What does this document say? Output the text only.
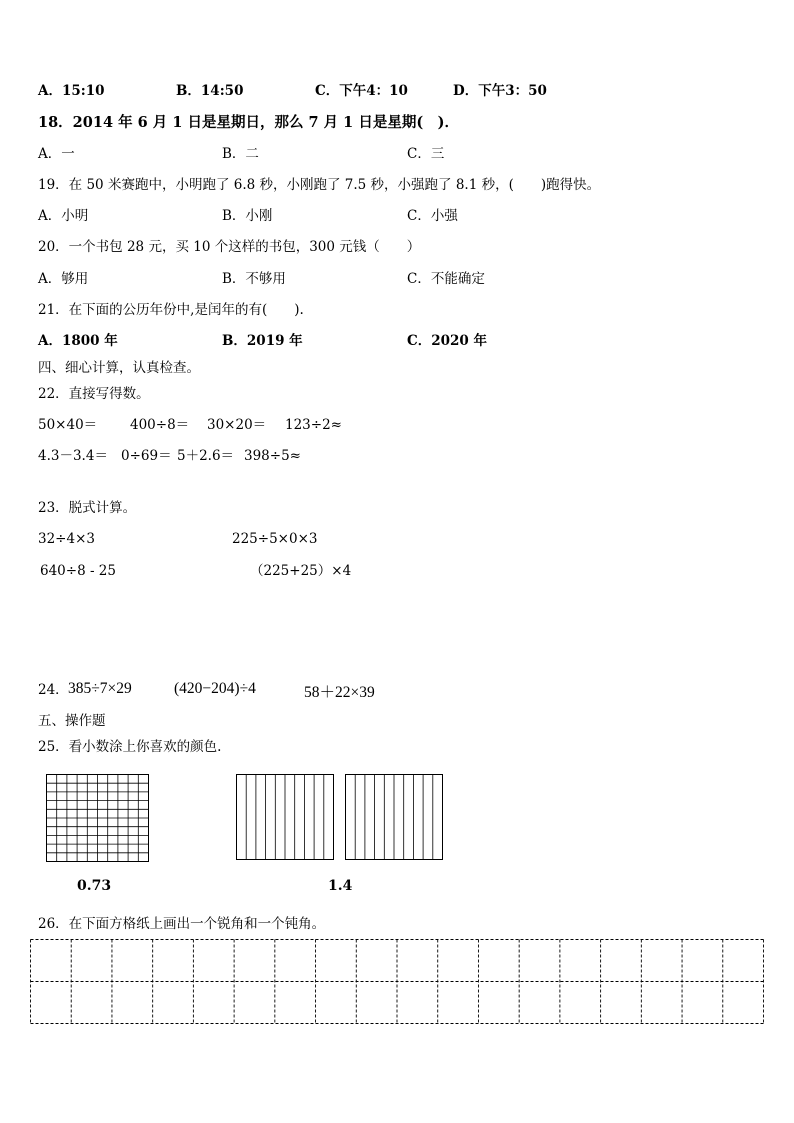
A．15:10	B．14:50	C．下午4：10	D．下午3：50
18．2014 年 6 月 1 日是星期日，那么 7 月 1 日是星期(　)．
A．一	B．二	C．三
19．在 50 米赛跑中，小明跑了 6.8 秒，小刚跑了 7.5 秒，小强跑了 8.1 秒，(　　)跑得快。
A．小明	B．小刚	C．小强
20．一个书包 28 元，买 10 个这样的书包，300 元钱（　　）
A．够用	B．不够用	C．不能确定
21．在下面的公历年份中,是闰年的有(　　).
A．1800 年	B．2019 年	C．2020 年
四、细心计算，认真检查。
22．直接写得数。
50×40＝ 400÷8＝ 30×20＝ 123÷2≈
4.3－3.4＝ 0÷69＝ 5＋2.6＝ 398÷5≈
23．脱式计算。
32÷4×3	225÷5×0×3
640÷8 - 25	（225+25）×4
24． 385÷7×29	(420−204)÷4	58＋22×39
五、操作题
25．看小数涂上你喜欢的颜色.
0.73	1.4
26．在下面方格纸上画出一个锐角和一个钝角。
